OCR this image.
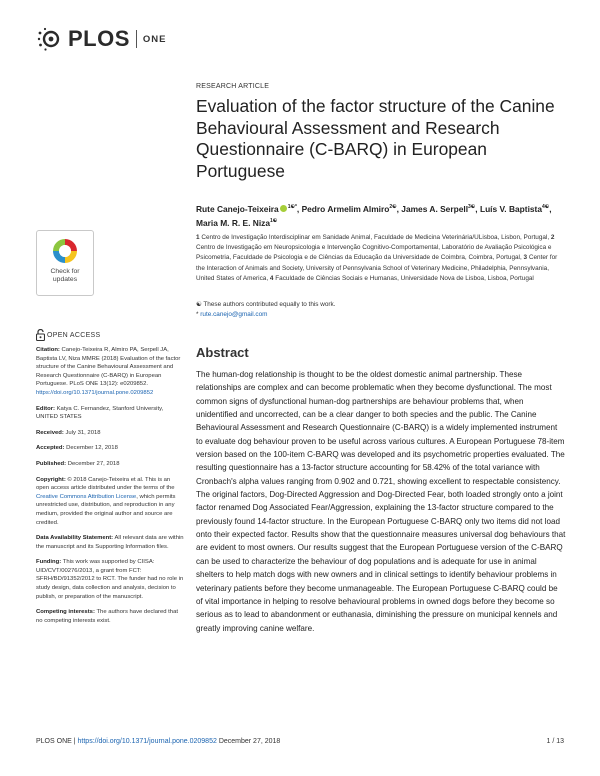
PLOS ONE
RESEARCH ARTICLE
Evaluation of the factor structure of the Canine Behavioural Assessment and Research Questionnaire (C-BARQ) in European Portuguese
Rute Canejo-Teixeira $^{1☯*}$, Pedro Armelim Almiro$^{2☯}$, James A. Serpell$^{3☯}$, Luís V. Baptista$^{4☯}$, Maria M. R. E. Niza$^{1☯}$
1 Centro de Investigação Interdisciplinar em Sanidade Animal, Faculdade de Medicina Veterinária/ULisboa, Lisbon, Portugal, 2 Centro de Investigação em Neuropsicologia e Intervenção Cognitivo-Comportamental, Laboratório de Avaliação Psicológica e Psicometria, Faculdade de Psicologia e de Ciências da Educação da Universidade de Coimbra, Coimbra, Portugal, 3 Center for the Interaction of Animals and Society, University of Pennsylvania School of Veterinary Medicine, Philadelphia, Pennsylvania, United States of America, 4 Faculdade de Ciências Sociais e Humanas, Universidade Nova de Lisboa, Lisboa, Portugal
☯ These authors contributed equally to this work.
* rute.canejo@gmail.com
Abstract

The human-dog relationship is thought to be the oldest domestic animal partnership. These relationships are complex and can become problematic when they become dysfunctional. The most common signs of dysfunctional human-dog partnerships are behaviour problems that, when unidentified and uncorrected, can be a clear danger to both species and the public. The Canine Behavioural Assessment and Research Questionnaire (C-BARQ) is a widely implemented instrument to evaluate dog behaviour proven to be useful across various cultures. A European Portuguese 78-item version based on the 100-item C-BARQ was developed and its psychometric properties evaluated. The resulting questionnaire has a 13-factor structure accounting for 58.42% of the total variance with Cronbach's alpha values ranging from 0.902 and 0.721, showing excellent to respectable consistency. The original factors, Dog-Directed Aggression and Dog-Directed Fear, both loaded strongly onto a joint factor renamed Dog Associated Fear/Aggression, explaining the 13-factor structure compared to the previously found 14-factor structure. In the European Portuguese C-BARQ only two items did not load onto their expected factor. Results show that the questionnaire measures universal dog behaviours that are evident to most owners. Our results suggest that the European Portuguese version of the C-BARQ can be used to characterize the behaviour of dog populations and is adequate for use in animal shelters to help match dogs with new owners and in clinical settings to identify behaviour problems in veterinary patients before they become unmanageable. The European Portuguese C-BARQ could be of vital importance in helping to resolve behavioural problems in owned dogs before they become so serious as to lead to abandonment or euthanasia, diminishing the pressure on municipal kennels and greatly improving canine welfare.

Check for
updates
OPEN ACCESS

Citation: Canejo-Teixeira R, Almiro PA, Serpell JA, Baptista LV, Niza MMRE (2018) Evaluation of the factor structure of the Canine Behavioural Assessment and Research Questionnaire (C-BARQ) in European Portuguese. PLoS ONE 13(12): e0209852. https://doi.org/10.1371/journal.pone.0209852

Editor: Katya C. Fernandez, Stanford University, UNITED STATES

Received: July 31, 2018

Accepted: December 12, 2018

Published: December 27, 2018

Copyright: © 2018 Canejo-Teixeira et al. This is an open access article distributed under the terms of the Creative Commons Attribution License, which permits unrestricted use, distribution, and reproduction in any medium, provided the original author and source are credited.

Data Availability Statement: All relevant data are within the manuscript and its Supporting Information files.

Funding: This work was supported by CIISA: UID/CVT/00276/2013, a grant from FCT: SFRH/BD/91352/2012 to RCT. The funder had no role in study design, data collection and analysis, decision to publish, or preparation of the manuscript.

Competing interests: The authors have declared that no competing interests exist.

PLOS ONE | https://doi.org/10.1371/journal.pone.0209852 December 27, 2018	1 / 13
